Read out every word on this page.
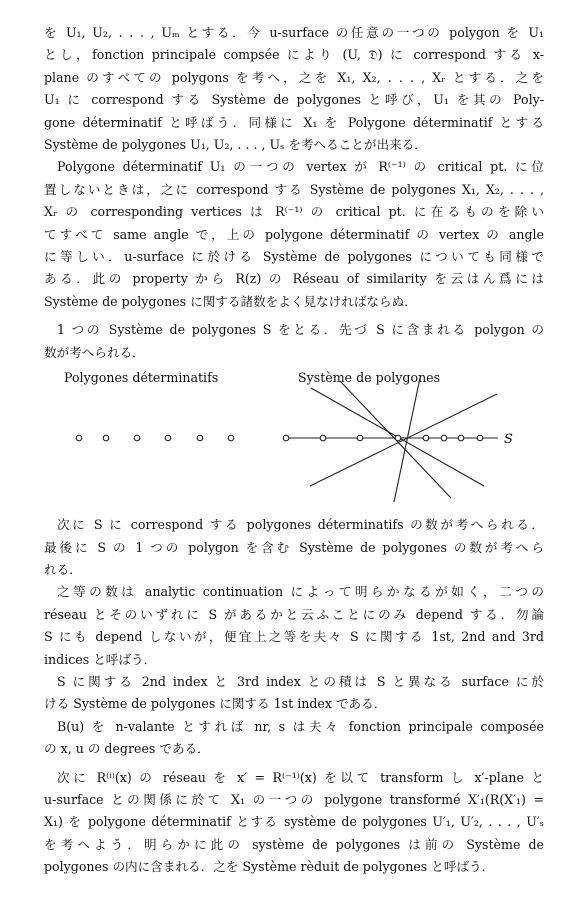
を U₁, U₂, . . . , Uₘ とする．今 u-surface の任意の一つの polygon を U₁
とし，fonction principale compsée により (U, 𝔇) に correspond する x-
plane のすべての polygons を考へ，之を X₁, X₂, . . . , Xᵣ とする．之を
U₁ に correspond する Système de polygones と呼び，U₁ を其の Poly-
gone déterminatif と呼ばう．同様に X₁ を Polygone déterminatif とする
Système de polygones U₁, U₂, . . . , Uₛ を考へることが出来る．
Polygone déterminatif U₁ の一つの vertex が R⁽⁻¹⁾ の critical pt. に位
置しないときは，之に correspond する Système de polygones X₁, X₂, . . . ,
Xᵣ の corresponding vertices は R⁽⁻¹⁾ の critical pt. に在るものを除い
てすべて same angle で，上の polygone déterminatif の vertex の angle
に等しい．u-surface に於ける Système de polygones についても同様で
ある．此の property から R(z) の Réseau of similarity を云はん爲には
Système de polygones に関する諸数をよく見なければならぬ．
1 つの Système de polygones S をとる．先づ S に含まれる polygon の
数が考へられる．
Polygones déterminatifs	Système de polygones
S
次に S に correspond する polygones déterminatifs の数が考へられる．
最後に S の 1 つの polygon を含む Système de polygones の数が考へら
れる．
之等の数は analytic continuation によって明らかなるが如く，二つの
réseau とそのいずれに S があるかと云ふことにのみ depend する．勿論
S にも depend しないが，便宜上之等を夫々 S に関する 1st, 2nd and 3rd
indices と呼ばう．
S に関する 2nd index と 3rd index との積は S と異なる surface に於
ける Système de polygones に関する 1st index である．
B(u) を n-valante とすれば nr, s は夫々 fonction principale composée
の x, u の degrees である．
次に R⁽ⁱ⁾(x) の réseau を x′ = R⁽⁻¹⁾(x) を以て transform し x′-plane と
u-surface との関係に於て X₁ の一つの polygone transformé X′₁(R(X′₁) =
X₁) を polygone déterminatif とする système de polygones U′₁, U′₂, . . . , U′ₛ
を考へよう．明らかに此の système de polygones は前の Système de
polygones の内に含まれる．之を Système rèduit de polygones と呼ばう．
